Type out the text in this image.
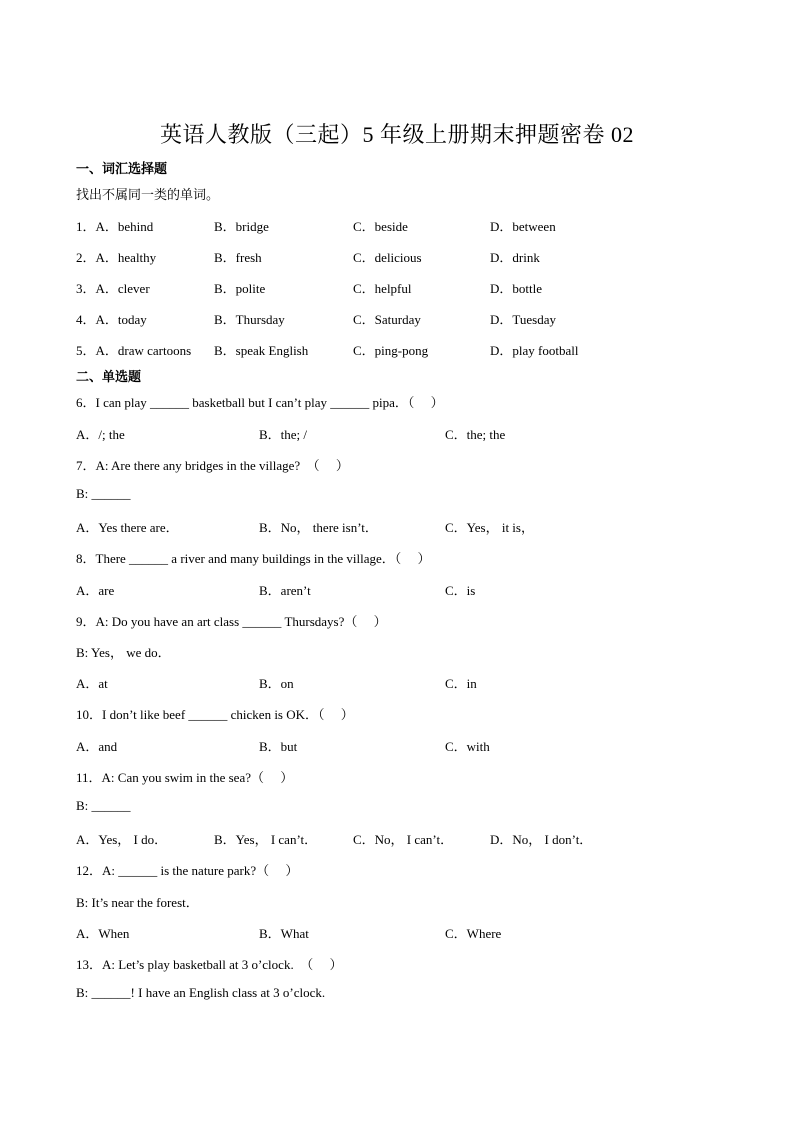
英语人教版（三起）5 年级上册期末押题密卷 02
一、词汇选择题
找出不属同一类的单词。
1．A．behind	B．bridge	C．beside	D．between
2．A．healthy	B．fresh	C．delicious	D．drink
3．A．clever	B．polite	C．helpful	D．bottle
4．A．today	B．Thursday	C．Saturday	D．Tuesday
5．A．draw cartoons B．speak English	C．ping-pong	D．play football
二、单选题
6．I can play ______ basketball but I can’t play ______ pipa．（　 ）
A．/; the	B．the; /	C．the; the
7．A: Are there any bridges in the village?　（　 ）
B: ______
A．Yes there are．	B．No， there isn’t．	C．Yes， it is，
8．There ______ a river and many buildings in the village．（　 ）
A．are	B．aren’t	C．is
9．A: Do you have an art class ______ Thursdays?（　 ）
B: Yes， we do．
A．at	B．on	C．in
10．I don’t like beef ______ chicken is OK．（　 ）
A．and	B．but	C．with
11．A: Can you swim in the sea?（　 ）
B: ______
A．Yes， I do．	B．Yes， I can’t．	C．No， I can’t．	D．No， I don’t．
12．A: ______ is the nature park?（　 ）
B: It’s near the forest．
A．When	B．What	C．Where
13．A: Let’s play basketball at 3 o’clock.　（　 ）
B: ______! I have an English class at 3 o’clock.
